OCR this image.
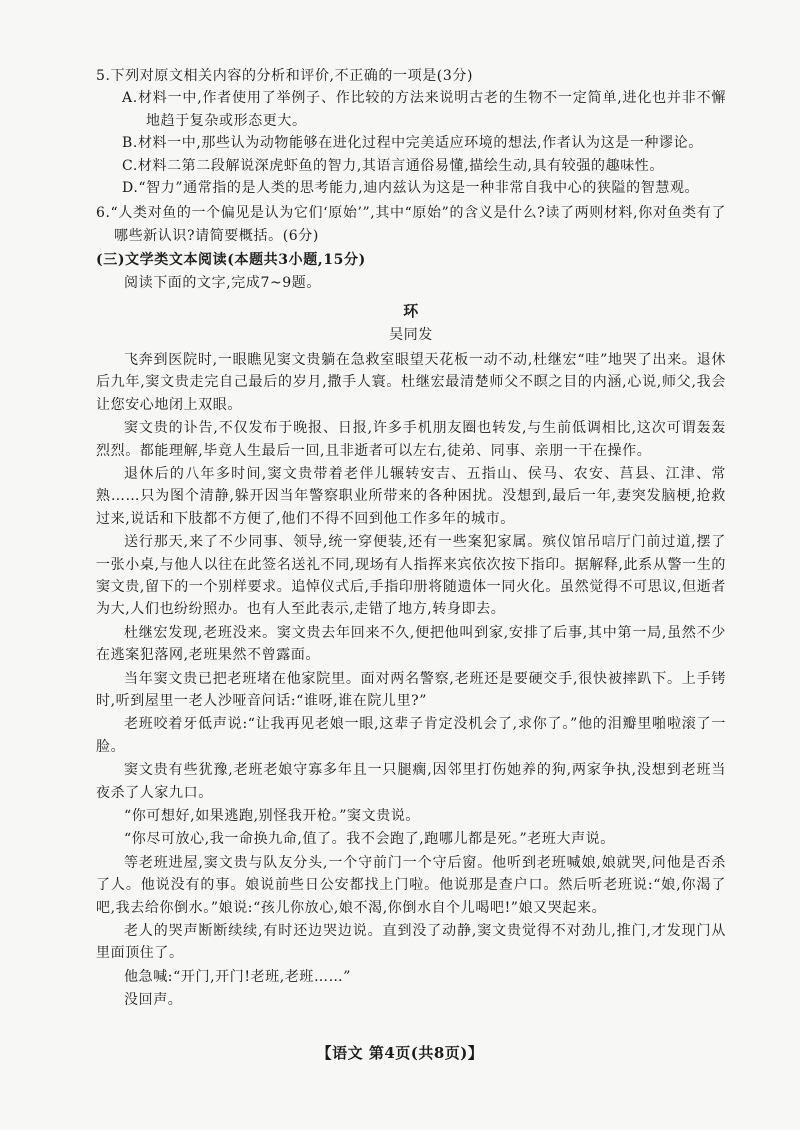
5.下列对原文相关内容的分析和评价,不正确的一项是(3分)

A.材料一中,作者使用了举例子、作比较的方法来说明古老的生物不一定简单,进化也并非不懈地趋于复杂或形态更大。

B.材料一中,那些认为动物能够在进化过程中完美适应环境的想法,作者认为这是一种谬论。

C.材料二第二段解说深虎虾鱼的智力,其语言通俗易懂,描绘生动,具有较强的趣味性。

D.“智力”通常指的是人类的思考能力,迪内兹认为这是一种非常自我中心的狭隘的智慧观。

6.“人类对鱼的一个偏见是认为它们‘原始’”,其中“原始”的含义是什么?读了两则材料,你对鱼类有了哪些新认识?请简要概括。(6分)

(三)文学类文本阅读(本题共3小题,15分)

阅读下面的文字,完成7~9题。

环

吴同发

飞奔到医院时,一眼瞧见窦文贵躺在急救室眼望天花板一动不动,杜继宏“哇”地哭了出来。退休后九年,窦文贵走完自己最后的岁月,撒手人寰。杜继宏最清楚师父不瞑之目的内涵,心说,师父,我会让您安心地闭上双眼。

窦文贵的讣告,不仅发布于晚报、日报,许多手机朋友圈也转发,与生前低调相比,这次可谓轰轰烈烈。都能理解,毕竟人生最后一回,且非逝者可以左右,徒弟、同事、亲朋一干在操作。

退休后的八年多时间,窦文贵带着老伴儿辗转安吉、五指山、侯马、农安、莒县、江津、常熟……只为图个清静,躲开因当年警察职业所带来的各种困扰。没想到,最后一年,妻突发脑梗,抢救过来,说话和下肢都不方便了,他们不得不回到他工作多年的城市。

送行那天,来了不少同事、领导,统一穿便装,还有一些案犯家属。殡仪馆吊唁厅门前过道,摆了一张小桌,与他人以往在此签名送礼不同,现场有人指挥来宾依次按下指印。据解释,此系从警一生的窦文贵,留下的一个别样要求。追悼仪式后,手指印册将随遗体一同火化。虽然觉得不可思议,但逝者为大,人们也纷纷照办。也有人至此表示,走错了地方,转身即去。

杜继宏发现,老班没来。窦文贵去年回来不久,便把他叫到家,安排了后事,其中第一局,虽然不少在逃案犯落网,老班果然不曾露面。

当年窦文贵已把老班堵在他家院里。面对两名警察,老班还是要硬交手,很快被摔趴下。上手铐时,听到屋里一老人沙哑音问话:“谁呀,谁在院儿里?”

老班咬着牙低声说:“让我再见老娘一眼,这辈子肯定没机会了,求你了。”他的泪瓣里啪啦滚了一脸。

窦文贵有些犹豫,老班老娘守寡多年且一只腿瘸,因邻里打伤她养的狗,两家争执,没想到老班当夜杀了人家九口。

“你可想好,如果逃跑,别怪我开枪。”窦文贵说。

“你尽可放心,我一命换九命,值了。我不会跑了,跑哪儿都是死。”老班大声说。

等老班进屋,窦文贵与队友分头,一个守前门一个守后窗。他听到老班喊娘,娘就哭,问他是否杀了人。他说没有的事。娘说前些日公安都找上门啦。他说那是查户口。然后听老班说:“娘,你渴了吧,我去给你倒水。”娘说:“孩儿你放心,娘不渴,你倒水自个儿喝吧!”娘又哭起来。

老人的哭声断断续续,有时还边哭边说。直到没了动静,窦文贵觉得不对劲儿,推门,才发现门从里面顶住了。

他急喊:“开门,开门!老班,老班……”

没回声。

【语文 第4页(共8页)】
